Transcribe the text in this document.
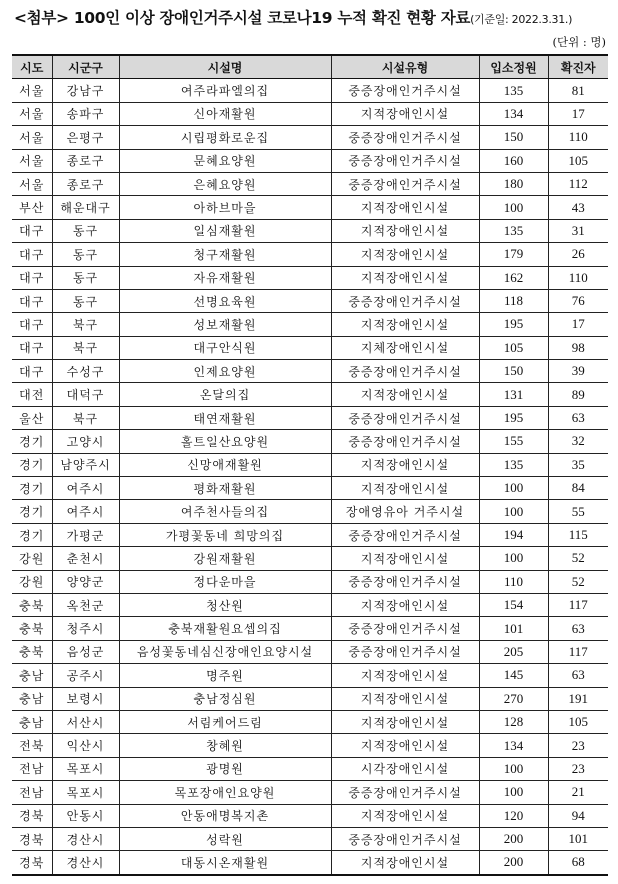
<첨부> 100인 이상 장애인거주시설 코로나19 누적 확진 현황 자료(기준일: 2022.3.31.)
(단위 : 명)
시도	시군구	시설명	시설유형	입소정원	확진자
서울	강남구	여주라파엘의집	중증장애인거주시설	135	81
서울	송파구	신아재활원	지적장애인시설	134	17
서울	은평구	시립평화로운집	중증장애인거주시설	150	110
서울	종로구	문혜요양원	중증장애인거주시설	160	105
서울	종로구	은혜요양원	중증장애인거주시설	180	112
부산	해운대구	아하브마을	지적장애인시설	100	43
대구	동구	일심재활원	지적장애인시설	135	31
대구	동구	청구재활원	지적장애인시설	179	26
대구	동구	자유재활원	지적장애인시설	162	110
대구	동구	선명요육원	중증장애인거주시설	118	76
대구	북구	성보재활원	지적장애인시설	195	17
대구	북구	대구안식원	지체장애인시설	105	98
대구	수성구	인제요양원	중증장애인거주시설	150	39
대전	대덕구	온달의집	지적장애인시설	131	89
울산	북구	태연재활원	중증장애인거주시설	195	63
경기	고양시	홀트일산요양원	중증장애인거주시설	155	32
경기	남양주시	신망애재활원	지적장애인시설	135	35
경기	여주시	평화재활원	지적장애인시설	100	84
경기	여주시	여주천사들의집	장애영유아 거주시설	100	55
경기	가평군	가평꽃동네 희망의집	중증장애인거주시설	194	115
강원	춘천시	강원재활원	지적장애인시설	100	52
강원	양양군	정다운마을	중증장애인거주시설	110	52
충북	옥천군	청산원	지적장애인시설	154	117
충북	청주시	충북재활원요셉의집	중증장애인거주시설	101	63
충북	음성군	음성꽃동네심신장애인요양시설	중증장애인거주시설	205	117
충남	공주시	명주원	지적장애인시설	145	63
충남	보령시	충남정심원	지적장애인시설	270	191
충남	서산시	서림케어드림	지적장애인시설	128	105
전북	익산시	창혜원	지적장애인시설	134	23
전남	목포시	광명원	시각장애인시설	100	23
전남	목포시	목포장애인요양원	중증장애인거주시설	100	21
경북	안동시	안동애명복지촌	지적장애인시설	120	94
경북	경산시	성락원	중증장애인거주시설	200	101
경북	경산시	대동시온재활원	지적장애인시설	200	68
